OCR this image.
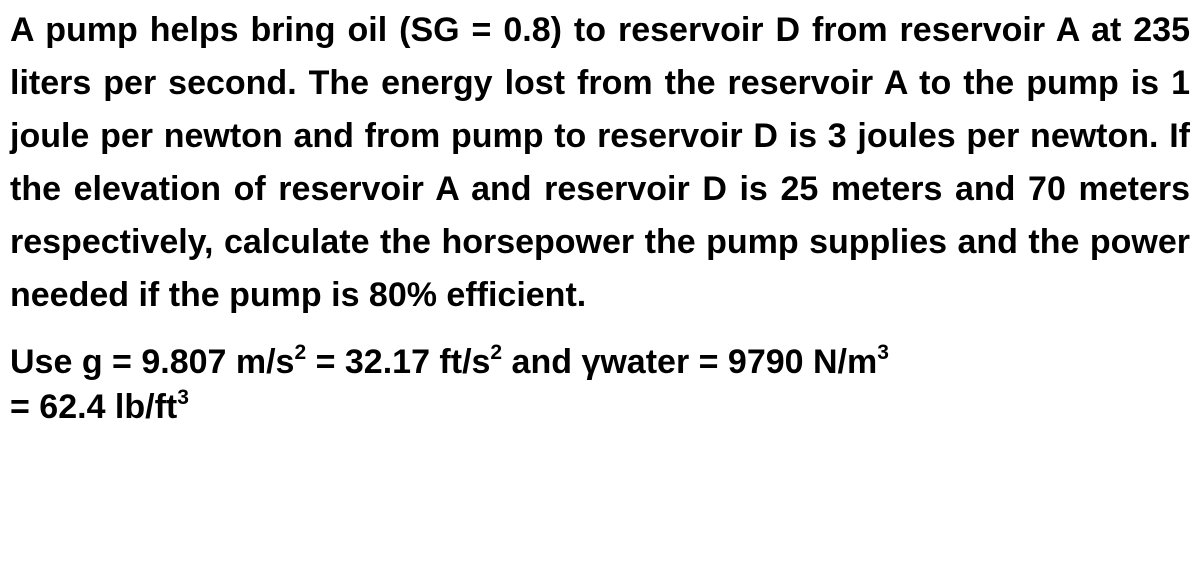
A pump helps bring oil (SG = 0.8) to reservoir D from reservoir A at 235 liters per second. The energy lost from the reservoir A to the pump is 1 joule per newton and from pump to reservoir D is 3 joules per newton. If the elevation of reservoir A and reservoir D is 25 meters and 70 meters respectively, calculate the horsepower the pump supplies and the power needed if the pump is 80% efficient.

Use g = 9.807 $m/s^2 = 32.17$ $ft/s^2$ and γwater = 9790 $N/m^3$
= 62.4 $lb/ft^3$
